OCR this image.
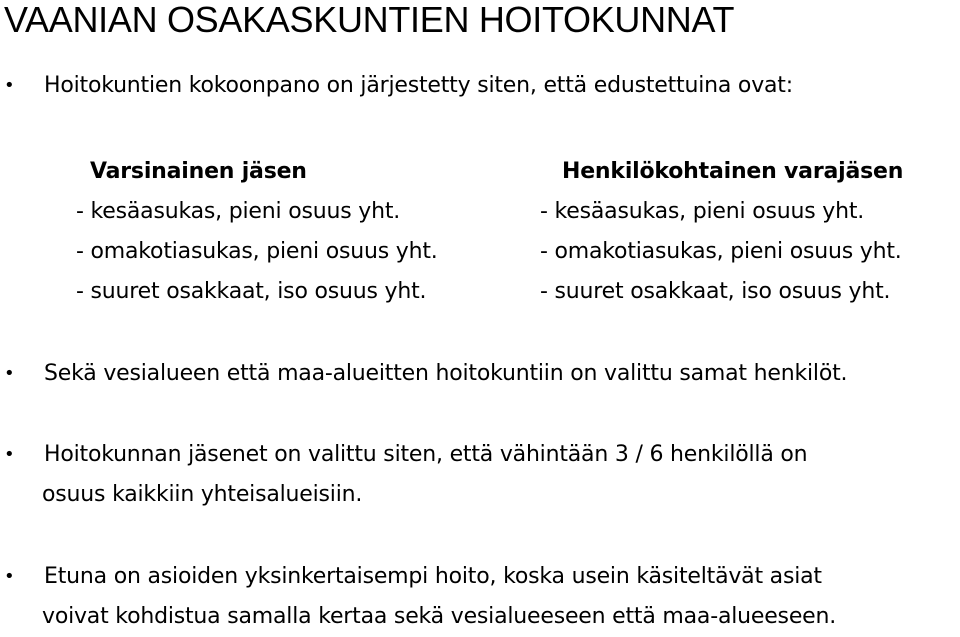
VAANIAN OSAKASKUNTIEN HOITOKUNNAT
• Hoitokuntien kokoonpano on järjestetty siten, että edustettuina ovat:
Varsinainen jäsen
- kesäasukas, pieni osuus yht.
- omakotiasukas, pieni osuus yht.
- suuret osakkaat, iso osuus yht.
Henkilökohtainen varajäsen
- kesäasukas, pieni osuus yht.
- omakotiasukas, pieni osuus yht.
- suuret osakkaat, iso osuus yht.
• Sekä vesialueen että maa-alueitten hoitokuntiin on valittu samat henkilöt.
• Hoitokunnan jäsenet on valittu siten, että vähintään 3 / 6 henkilöllä on
osuus kaikkiin yhteisalueisiin.
• Etuna on asioiden yksinkertaisempi hoito, koska usein käsiteltävät asiat
voivat kohdistua samalla kertaa sekä vesialueeseen että maa-alueeseen.
